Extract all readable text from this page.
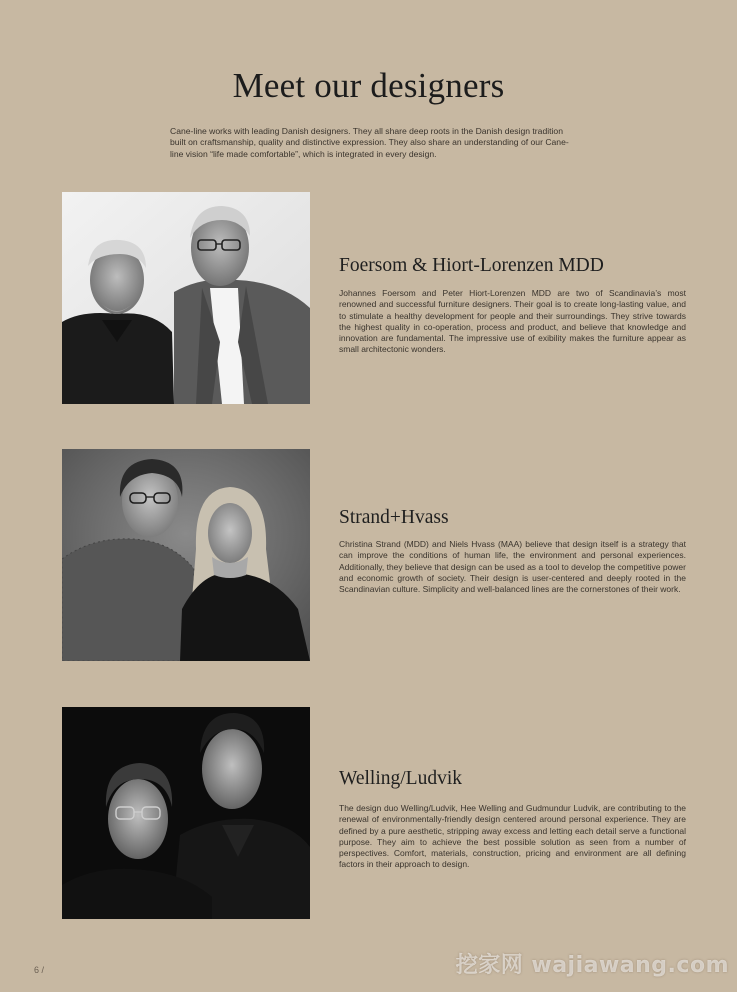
Meet our designers
Cane-line works with leading Danish designers. They all share deep roots in the Danish design tradition built on craftsmanship, quality and distinctive expression. They also share an understanding of our Cane-line vision “life made comfortable”, which is integrated in every design.
Foersom & Hiort-Lorenzen MDD
Johannes Foersom and Peter Hiort-Lorenzen MDD are two of Scandinavia’s most renowned and successful furniture designers. Their goal is to create long-lasting value, and to stimulate a healthy development for people and their surroundings. They strive towards the highest quality in co-operation, process and product, and believe that knowledge and innovation are fundamental. The impressive use of exibility makes the furniture appear as small architectonic wonders.
Strand+Hvass
Christina Strand (MDD) and Niels Hvass (MAA) believe that design itself is a strategy that can improve the conditions of human life, the environment and personal experiences. Additionally, they believe that design can be used as a tool to develop the competitive power and economic growth of society. Their design is user-centered and deeply rooted in the Scandinavian culture. Simplicity and well-balanced lines are the cornerstones of their work.
Welling/Ludvik
The design duo Welling/Ludvik, Hee Welling and Gudmundur Ludvik, are contributing to the renewal of environmentally-friendly design centered around personal experience. They are defined by a pure aesthetic, stripping away excess and letting each detail serve a functional purpose. They aim to achieve the best possible solution as seen from a number of perspectives. Comfort, materials, construction, pricing and environment are all defining factors in their approach to design.
6 /	挖家网 wajiawang.com
